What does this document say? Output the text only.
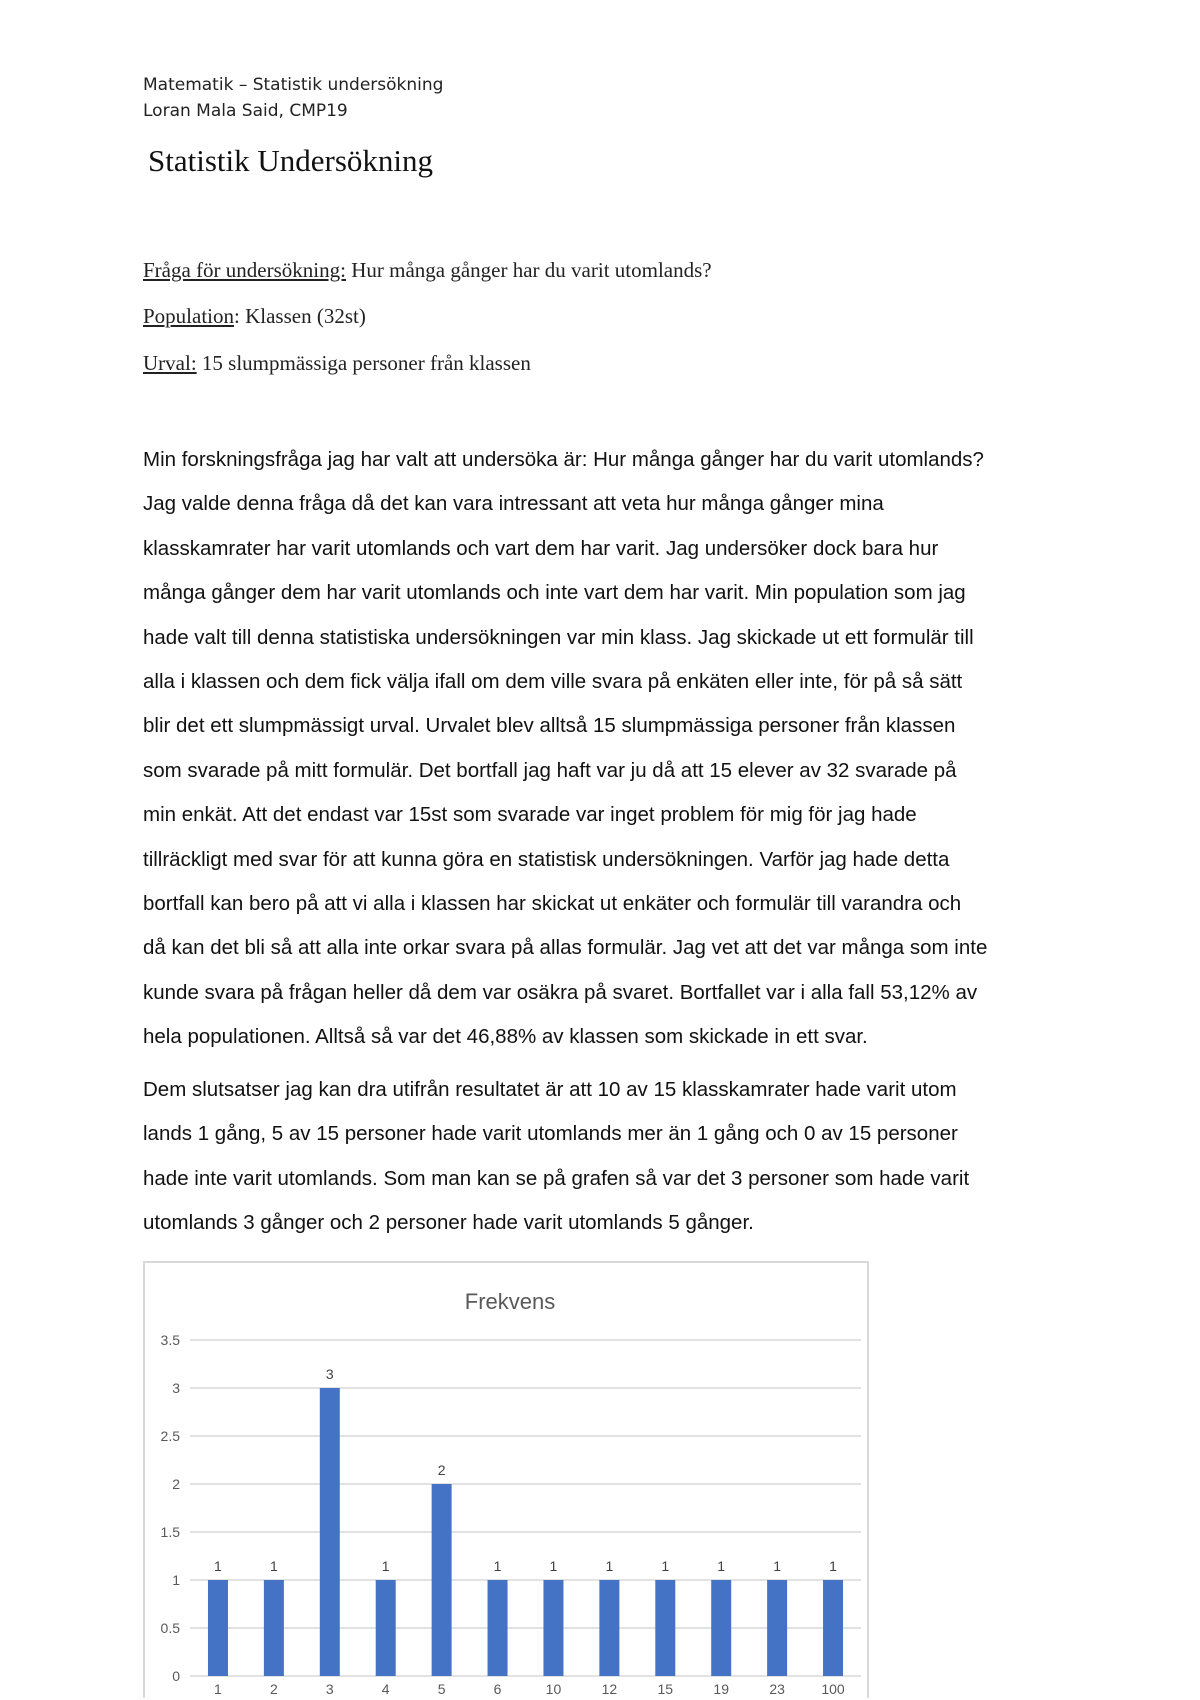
Matematik – Statistik undersökning
Loran Mala Said, CMP19
Statistik Undersökning
Fråga för undersökning: Hur många gånger har du varit utomlands?
Population: Klassen (32st)
Urval: 15 slumpmässiga personer från klassen
Min forskningsfråga jag har valt att undersöka är: Hur många gånger har du varit utomlands?
Jag valde denna fråga då det kan vara intressant att veta hur många gånger mina
klasskamrater har varit utomlands och vart dem har varit. Jag undersöker dock bara hur
många gånger dem har varit utomlands och inte vart dem har varit. Min population som jag
hade valt till denna statistiska undersökningen var min klass. Jag skickade ut ett formulär till
alla i klassen och dem fick välja ifall om dem ville svara på enkäten eller inte, för på så sätt
blir det ett slumpmässigt urval. Urvalet blev alltså 15 slumpmässiga personer från klassen
som svarade på mitt formulär. Det bortfall jag haft var ju då att 15 elever av 32 svarade på
min enkät. Att det endast var 15st som svarade var inget problem för mig för jag hade
tillräckligt med svar för att kunna göra en statistisk undersökningen. Varför jag hade detta
bortfall kan bero på att vi alla i klassen har skickat ut enkäter och formulär till varandra och
då kan det bli så att alla inte orkar svara på allas formulär. Jag vet att det var många som inte
kunde svara på frågan heller då dem var osäkra på svaret. Bortfallet var i alla fall 53,12% av
hela populationen. Alltså så var det 46,88% av klassen som skickade in ett svar.
Dem slutsatser jag kan dra utifrån resultatet är att 10 av 15 klasskamrater hade varit utom
lands 1 gång, 5 av 15 personer hade varit utomlands mer än 1 gång och 0 av 15 personer
hade inte varit utomlands. Som man kan se på grafen så var det 3 personer som hade varit
utomlands 3 gånger och 2 personer hade varit utomlands 5 gånger.
Frekvens
0
0.5
1
1.5
2
2.5
3
3.5
1	1
3
1
2
1	1	1	1	1	1	1
1	2	3	4	5	6	10	12	15	19	23	100
